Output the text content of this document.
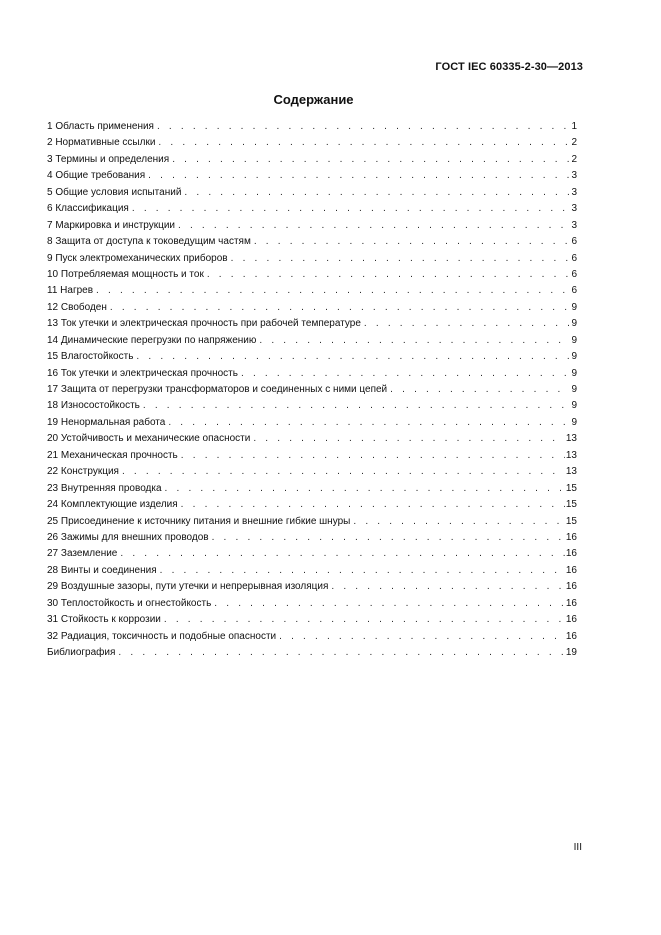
ГОСТ IEC 60335-2-30—2013
Содержание
1 Область применения . . .	1
2 Нормативные ссылки . . .	2
3 Термины и определения . . .	2
4 Общие требования . . .	3
5 Общие условия испытаний . . .	3
6 Классификация . . .	3
7 Маркировка и инструкции . . .	3
8 Защита от доступа к токоведущим частям . . .	6
9 Пуск электромеханических приборов . . .	6
10 Потребляемая мощность и ток . . .	6
11 Нагрев . . .	6
12 Свободен . . .	9
13 Ток утечки и электрическая прочность при рабочей температуре . . .	9
14 Динамические перегрузки по напряжению . . .	9
15 Влагостойкость . . .	9
16 Ток утечки и электрическая прочность . . .	9
17 Защита от перегрузки трансформаторов и соединенных с ними цепей . . .	9
18 Износостойкость . . .	9
19 Ненормальная работа . . .	9
20 Устойчивость и механические опасности . . .	13
21 Механическая прочность . . .	13
22 Конструкция . . .	13
23 Внутренняя проводка . . .	15
24 Комплектующие изделия . . .	15
25 Присоединение к источнику питания и внешние гибкие шнуры . . .	15
26 Зажимы для внешних проводов . . .	16
27 Заземление . . .	16
28 Винты и соединения . . .	16
29 Воздушные зазоры, пути утечки и непрерывная изоляция . . .	16
30 Теплостойкость и огнестойкость . . .	16
31 Стойкость к коррозии . . .	16
32 Радиация, токсичность и подобные опасности . . .	16
Библиография . . .	19
III
